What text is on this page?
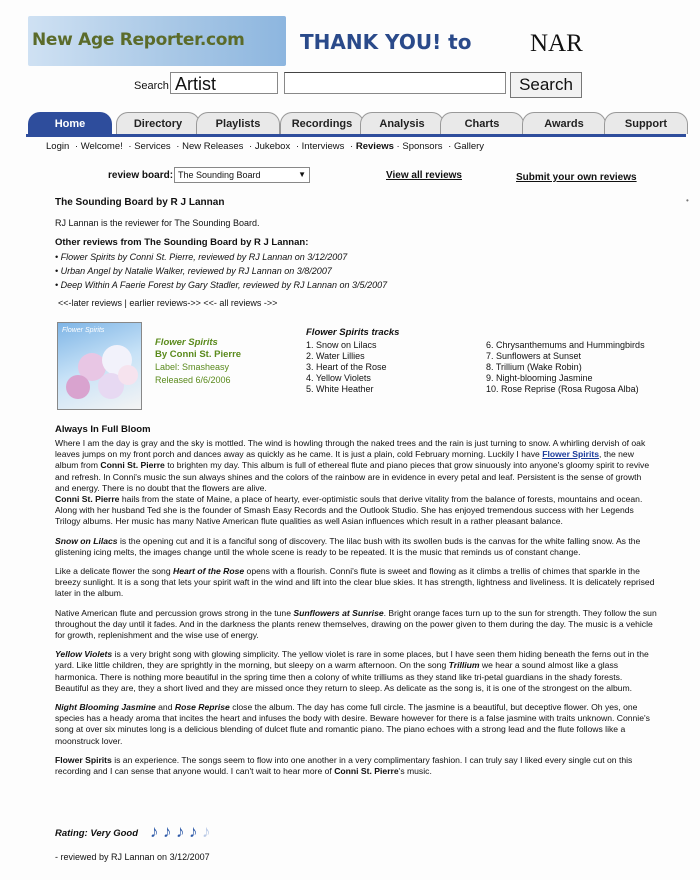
New Age Reporter.com	THANK YOU! to NAR
Search Artist	Search
Home	Directory	Playlists	Recordings	Analysis	Charts	Awards	Support
Login · Welcome! · Services · New Releases · Jukebox · Interviews · Reviews · Sponsors · Gallery
review board: The Sounding Board	▼	View all reviews	Submit your own reviews
•
The Sounding Board by R J Lannan
RJ Lannan is the reviewer for The Sounding Board.
Other reviews from The Sounding Board by R J Lannan:
• Flower Spirits by Conni St. Pierre, reviewed by RJ Lannan on 3/12/2007
• Urban Angel by Natalie Walker, reviewed by RJ Lannan on 3/8/2007
• Deep Within A Faerie Forest by Gary Stadler, reviewed by RJ Lannan on 3/5/2007
<<-later reviews | earlier reviews->> <<- all reviews ->>
Flower Spirits
Flower Spirits
By Conni St. Pierre
Label: Smasheasy
Released 6/6/2006
Flower Spirits tracks
1. Snow on Lilacs
2. Water Lillies
3. Heart of the Rose
4. Yellow Violets
5. White Heather
6. Chrysanthemums and Hummingbirds
7. Sunflowers at Sunset
8. Trillium (Wake Robin)
9. Night-blooming Jasmine
10. Rose Reprise (Rosa Rugosa Alba)
Always In Full Bloom

Where I am the day is gray and the sky is mottled. The wind is howling through the naked trees and the rain is just turning to snow. A whirling dervish of oak leaves jumps on my front porch and dances away as quickly as he came. It is just a plain, cold February morning. Luckily I have Flower Spirits, the new album from Conni St. Pierre to brighten my day. This album is full of ethereal flute and piano pieces that grow sinuously into anyone's gloomy spirit to revive and refresh. In Conni's music the sun always shines and the colors of the rainbow are in evidence in every petal and leaf. Persistent is the sense of growth and energy. There is no doubt that the flowers are alive.

Conni St. Pierre hails from the state of Maine, a place of hearty, ever-optimistic souls that derive vitality from the balance of forests, mountains and ocean. Along with her husband Ted she is the founder of Smash Easy Records and the Outlook Studio. She has enjoyed tremendous success with her Legends Trilogy albums. Her music has many Native American flute qualities as well Asian influences which result in a rather pleasant balance.

Snow on Lilacs is the opening cut and it is a fanciful song of discovery. The lilac bush with its swollen buds is the canvas for the white falling snow. As the glistening icing melts, the images change until the whole scene is ready to be repeated. It is the music that reminds us of constant change.

Like a delicate flower the song Heart of the Rose opens with a flourish. Conni's flute is sweet and flowing as it climbs a trellis of chimes that sparkle in the breezy sunlight. It is a song that lets your spirit waft in the wind and lift into the clear blue skies. It has strength, lightness and liveliness. It is delicately reprised later in the album.

Native American flute and percussion grows strong in the tune Sunflowers at Sunrise. Bright orange faces turn up to the sun for strength. They follow the sun throughout the day until it fades. And in the darkness the plants renew themselves, drawing on the power given to them during the day. The music is a vehicle for growth, replenishment and the wise use of energy.

Yellow Violets is a very bright song with glowing simplicity. The yellow violet is rare in some places, but I have seen them hiding beneath the ferns out in the yard. Like little children, they are sprightly in the morning, but sleepy on a warm afternoon. On the song Trillium we hear a sound almost like a glass harmonica. There is nothing more beautiful in the spring time then a colony of white trilliums as they stand like tri-petal guardians in the shady forests. Beautiful as they are, they a short lived and they are missed once they return to sleep. As delicate as the song is, it is one of the strongest on the album.

Night Blooming Jasmine and Rose Reprise close the album. The day has come full circle. The jasmine is a beautiful, but deceptive flower. Oh yes, one species has a heady aroma that incites the heart and infuses the body with desire. Beware however for there is a false jasmine with traits unknown. Connie's song at over six minutes long is a delicious blending of dulcet flute and romantic piano. The piano echoes with a strong lead and the flute follows like a moonstruck lover.

Flower Spirits is an experience. The songs seem to flow into one another in a very complimentary fashion. I can truly say I liked every single cut on this recording and I can sense that anyone would. I can't wait to hear more of Conni St. Pierre's music.

Rating: Very Good ♪ ♪ ♪ ♪ ♪
- reviewed by RJ Lannan on 3/12/2007
